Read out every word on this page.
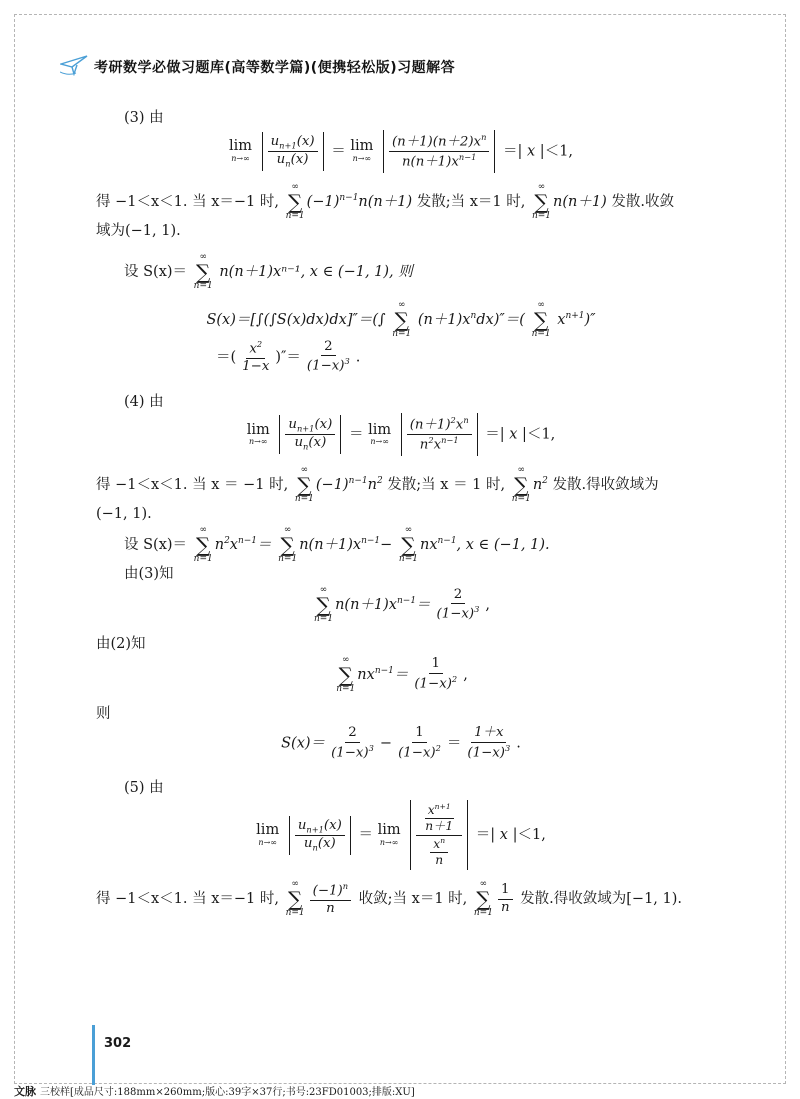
考研数学必做习题库(高等数学篇)(便携轻松版)习题解答

(3) 由

lim
n→∞
$\frac{u_{n+1}(x)}{u_n(x)} = \lim$
n→∞
$\frac{(n+1)(n+2)x^n}{n(n+1)x^{n-1}}$ ＝| x |＜1,

得 −1＜x＜1. 当 x＝−1 时,
∞
∑
n=1
$(-1)^{n-1}n(n+1)$ 发散;当 x＝1 时,
∞
∑
n=1
n(n＋1) 发散.收敛

域为(−1, 1).

设 S(x)＝
∞
∑
n=1
n(n＋1)xⁿ⁻¹, x ∈ (−1, 1), 则

S(x)＝[∫(∫S(x)dx)dx]″＝(∫
∞
∑
n=1
$(n+1)x^ndx)''=$(
∞
∑
n=1
$x^{n+1})''$
＝( $\frac{x^2}{1-x}$ )″＝ $\frac{2}{(1-x)^3}$ .

(4) 由

lim
n→∞
$\frac{u_{n+1}(x)}{u_n(x)} = \lim$
n→∞
$\frac{(n+1)^2x^n}{n^2x^{n-1}}$ ＝| x |＜1,

得 −1＜x＜1. 当 x ＝ −1 时,
∞
∑
n=1
$(-1)^{n-1}n^2$ 发散;当 x ＝ 1 时,
∞
∑
n=1
$n^2$ 发散.得收敛域为

(−1, 1).

设 S(x)＝
∞
∑
n=1
$n^2x^{n-1}=$
∞
∑
n=1
$n(n+1)x^{n-1}-$
∞
∑
n=1
$nx^{n-1}$, x ∈ (−1, 1).

由(3)知

∞
∑
n=1
$n(n+1)x^{n-1}= \frac{2}{(1-x)^3}$ ,

由(2)知

∞
∑
n=1
$nx^{n-1}= \frac{1}{(1-x)^2}$ ,

则

$S(x)= \frac{2}{(1-x)^3} - \frac{1}{(1-x)^2} = \frac{1+x}{(1-x)^3}$ .

(5) 由

lim
n→∞
$\frac{u_{n+1}(x)}{u_n(x)} = \lim$
n→∞
$\frac{\frac{x^{n+1}}{n+1}}{\frac{x^n}{n}}$ ＝| x |＜1,

得 −1＜x＜1. 当 x＝−1 时,
∞
∑
$n=1 \frac{(-1)^n}{n}$ 收敛;当 x＝1 时,
∞
∑
$n=1 \frac{1}{n}$ 发散.得收敛域为[−1, 1).

302
文脉 三校样[成品尺寸:188mm×260mm;版心:39字×37行;书号:23FD01003;排版:XU]
